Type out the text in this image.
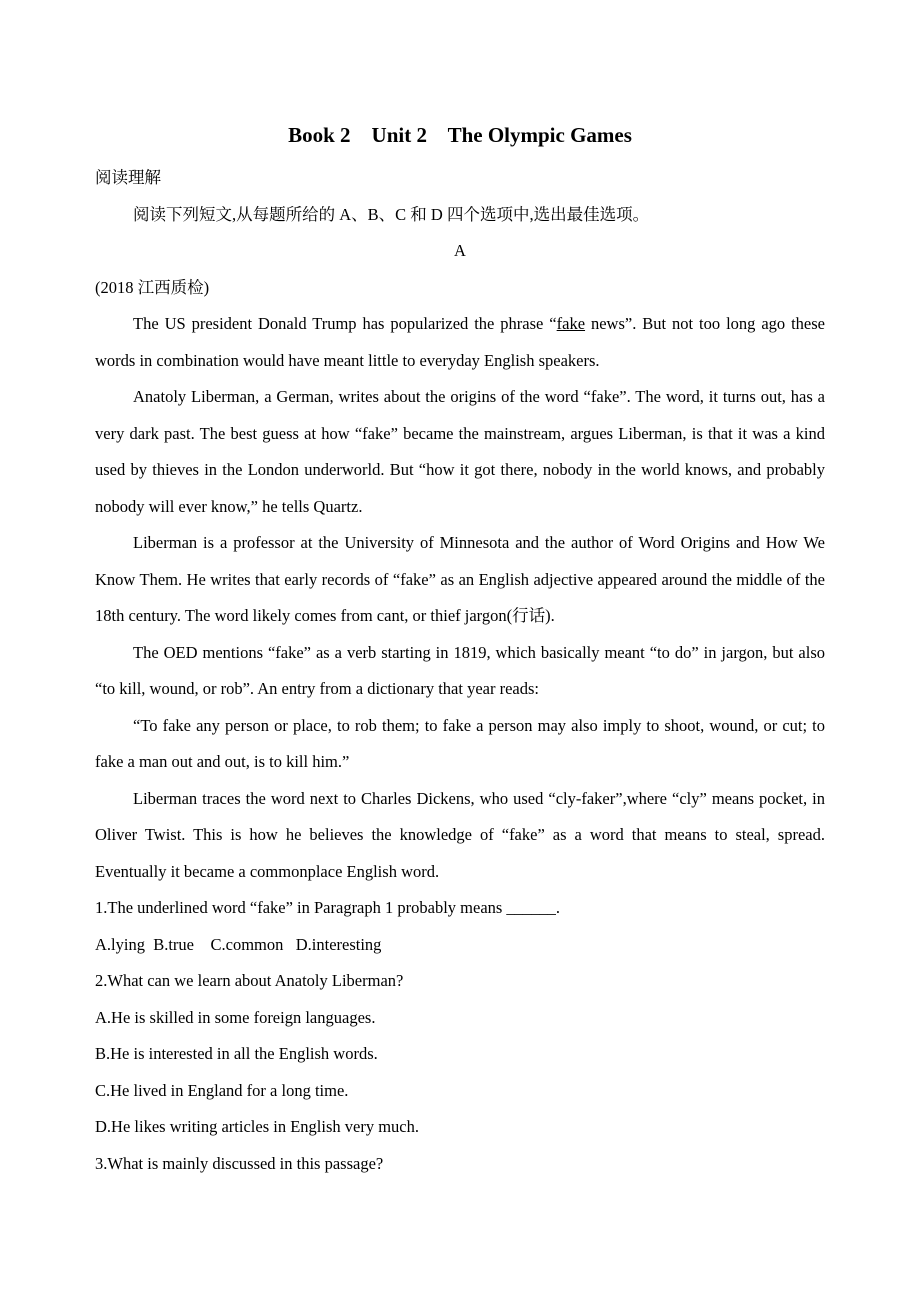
Book 2    Unit 2    The Olympic Games

阅读理解

阅读下列短文,从每题所给的 A、B、C 和 D 四个选项中,选出最佳选项。

A

(2018 江西质检)

The US president Donald Trump has popularized the phrase “fake news”. But not too long ago these words in combination would have meant little to everyday English speakers.

Anatoly Liberman, a German, writes about the origins of the word “fake”. The word, it turns out, has a very dark past. The best guess at how “fake” became the mainstream, argues Liberman, is that it was a kind used by thieves in the London underworld. But “how it got there, nobody in the world knows, and probably nobody will ever know,” he tells Quartz.

Liberman is a professor at the University of Minnesota and the author of Word Origins and How We Know Them. He writes that early records of “fake” as an English adjective appeared around the middle of the 18th century. The word likely comes from cant, or thief jargon(行话).

The OED mentions “fake” as a verb starting in 1819, which basically meant “to do” in jargon, but also “to kill, wound, or rob”. An entry from a dictionary that year reads:

“To fake any person or place, to rob them; to fake a person may also imply to shoot, wound, or cut; to fake a man out and out, is to kill him.”

Liberman traces the word next to Charles Dickens, who used “cly-faker”,where “cly” means pocket, in Oliver Twist. This is how he believes the knowledge of “fake” as a word that means to steal, spread. Eventually it became a commonplace English word.

1.The underlined word “fake” in Paragraph 1 probably means ______.

A.lying  B.true    C.common   D.interesting

2.What can we learn about Anatoly Liberman?

A.He is skilled in some foreign languages.

B.He is interested in all the English words.

C.He lived in England for a long time.

D.He likes writing articles in English very much.

3.What is mainly discussed in this passage?
